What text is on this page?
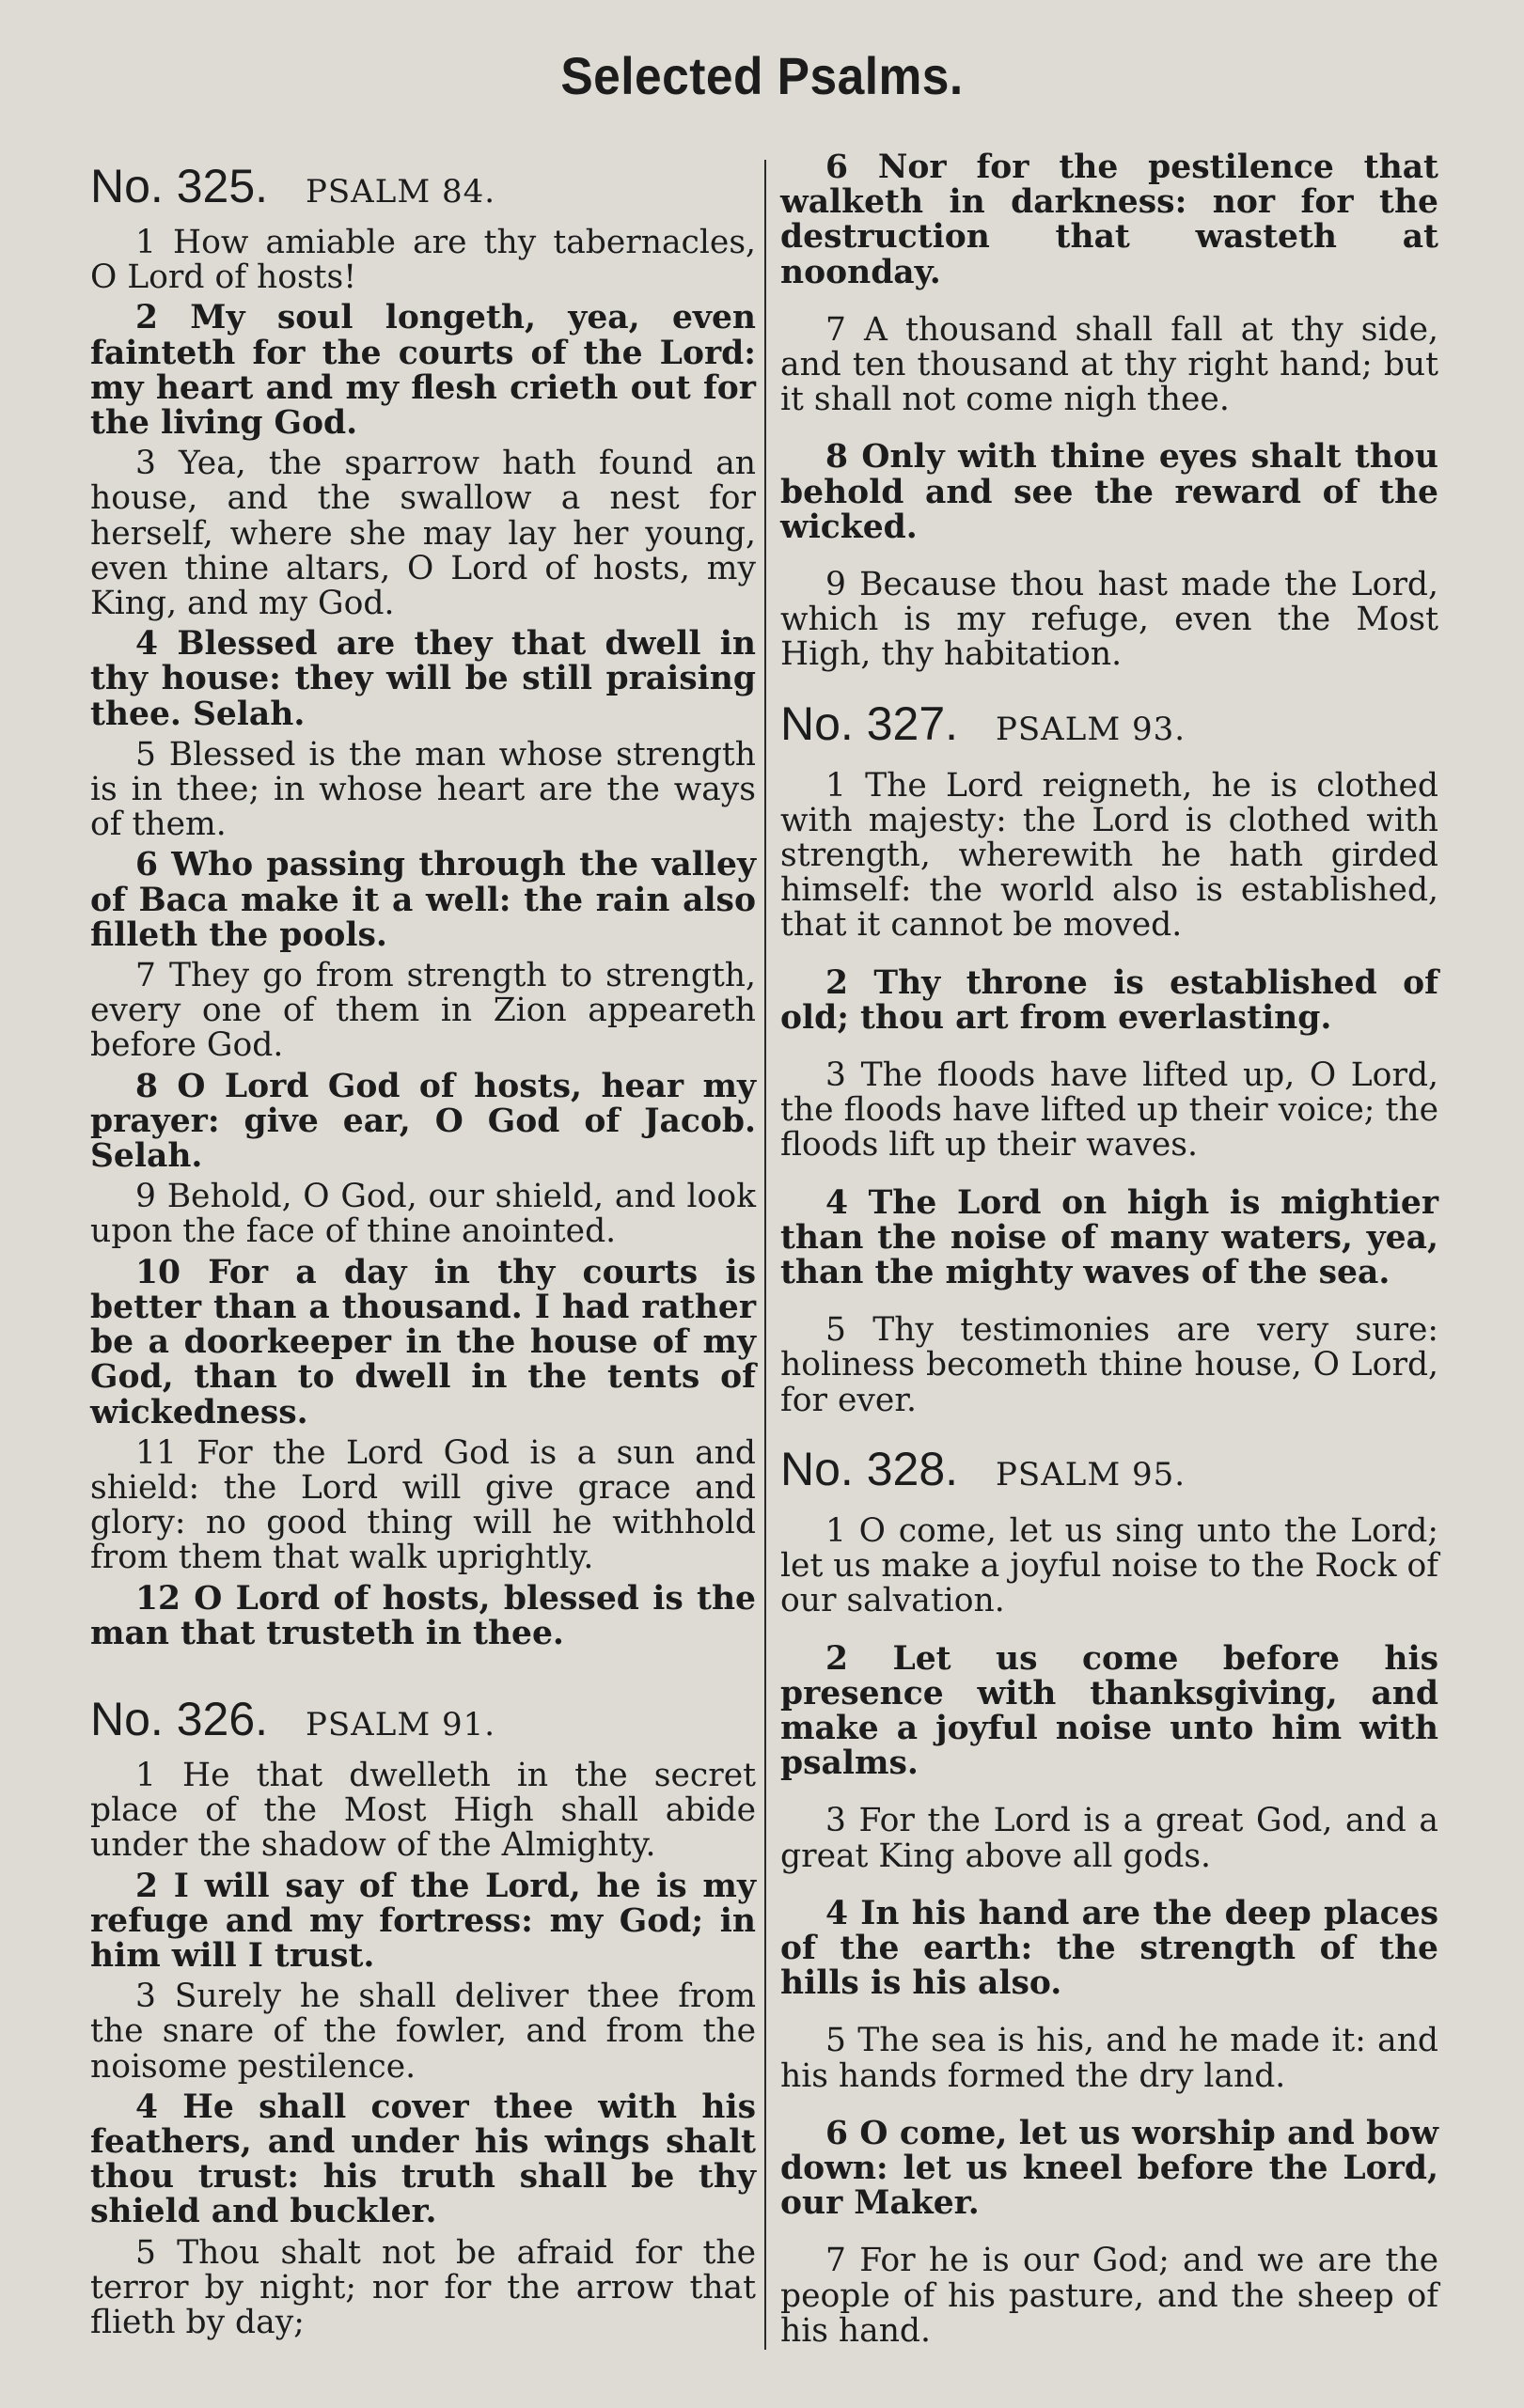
Selected Psalms.
No. 325. PSALM 84.

1 How amiable are thy tabernacles, O Lord of hosts!

2 My soul longeth, yea, even fainteth for the courts of the Lord: my heart and my flesh crieth out for the living God.

3 Yea, the sparrow hath found an house, and the swallow a nest for herself, where she may lay her young, even thine altars, O Lord of hosts, my King, and my God.

4 Blessed are they that dwell in thy house: they will be still praising thee. Selah.

5 Blessed is the man whose strength is in thee; in whose heart are the ways of them.

6 Who passing through the valley of Baca make it a well: the rain also filleth the pools.

7 They go from strength to strength, every one of them in Zion appeareth before God.

8 O Lord God of hosts, hear my prayer: give ear, O God of Jacob. Selah.

9 Behold, O God, our shield, and look upon the face of thine anointed.

10 For a day in thy courts is better than a thousand. I had rather be a doorkeeper in the house of my God, than to dwell in the tents of wickedness.

11 For the Lord God is a sun and shield: the Lord will give grace and glory: no good thing will he withhold from them that walk uprightly.

12 O Lord of hosts, blessed is the man that trusteth in thee.

No. 326. PSALM 91.

1 He that dwelleth in the secret place of the Most High shall abide under the shadow of the Almighty.

2 I will say of the Lord, he is my refuge and my fortress: my God; in him will I trust.

3 Surely he shall deliver thee from the snare of the fowler, and from the noisome pestilence.

4 He shall cover thee with his feathers, and under his wings shalt thou trust: his truth shall be thy shield and buckler.

5 Thou shalt not be afraid for the terror by night; nor for the arrow that flieth by day;

6 Nor for the pestilence that walketh in darkness: nor for the destruction that wasteth at noonday.

7 A thousand shall fall at thy side, and ten thousand at thy right hand; but it shall not come nigh thee.

8 Only with thine eyes shalt thou behold and see the reward of the wicked.

9 Because thou hast made the Lord, which is my refuge, even the Most High, thy habitation.

No. 327. PSALM 93.

1 The Lord reigneth, he is clothed with majesty: the Lord is clothed with strength, wherewith he hath girded himself: the world also is established, that it cannot be moved.

2 Thy throne is established of old; thou art from everlasting.

3 The floods have lifted up, O Lord, the floods have lifted up their voice; the floods lift up their waves.

4 The Lord on high is mightier than the noise of many waters, yea, than the mighty waves of the sea.

5 Thy testimonies are very sure: holiness becometh thine house, O Lord, for ever.

No. 328. PSALM 95.

1 O come, let us sing unto the Lord; let us make a joyful noise to the Rock of our salvation.

2 Let us come before his presence with thanksgiving, and make a joyful noise unto him with psalms.

3 For the Lord is a great God, and a great King above all gods.

4 In his hand are the deep places of the earth: the strength of the hills is his also.

5 The sea is his, and he made it: and his hands formed the dry land.

6 O come, let us worship and bow down: let us kneel before the Lord, our Maker.

7 For he is our God; and we are the people of his pasture, and the sheep of his hand.
